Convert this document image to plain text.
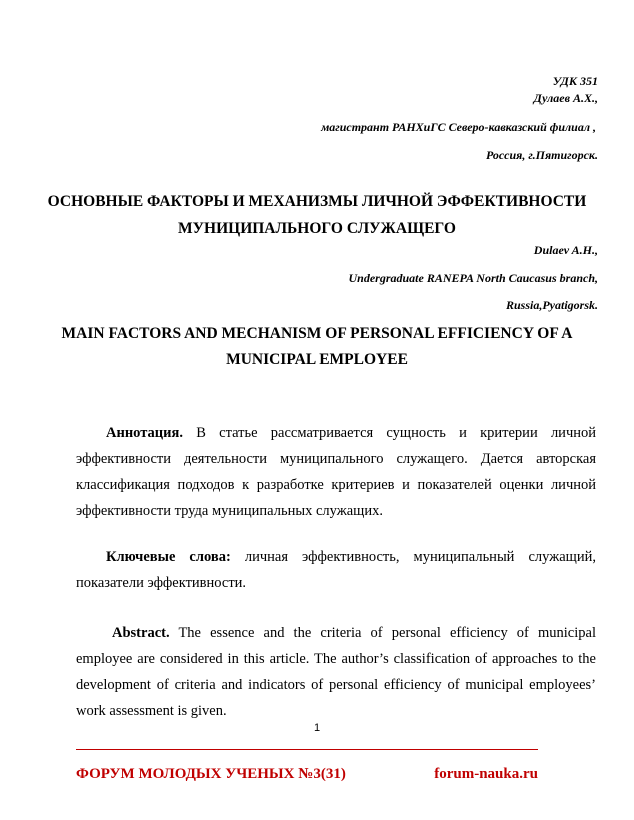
УДК 351
Дулаев А.Х.,
магистрант РАНХиГС Северо-кавказский филиал ,
Россия, г.Пятигорск.
ОСНОВНЫЕ ФАКТОРЫ И МЕХАНИЗМЫ ЛИЧНОЙ ЭФФЕКТИВНОСТИ
МУНИЦИПАЛЬНОГО СЛУЖАЩЕГО
Dulaev A.H.,
Undergraduate RANEPA North Caucasus branch,
Russia,Pyatigorsk.
MAIN FACTORS AND MECHANISM OF PERSONAL EFFICIENCY OF A
MUNICIPAL EMPLOYEE
Аннотация. В статье рассматривается сущность и критерии личной эффективности деятельности муниципального служащего. Дается авторская классификация подходов к разработке критериев и показателей оценки личной эффективности труда муниципальных служащих.
Ключевые слова: личная эффективность, муниципальный служащий, показатели эффективности.
Abstract. The essence and the criteria of personal efficiency of municipal employee are considered in this article. The author’s classification of approaches to the development of criteria and indicators of personal efficiency of municipal employees’ work assessment is given.
1
ФОРУМ МОЛОДЫХ УЧЕНЫХ №3(31)	forum-nauka.ru
